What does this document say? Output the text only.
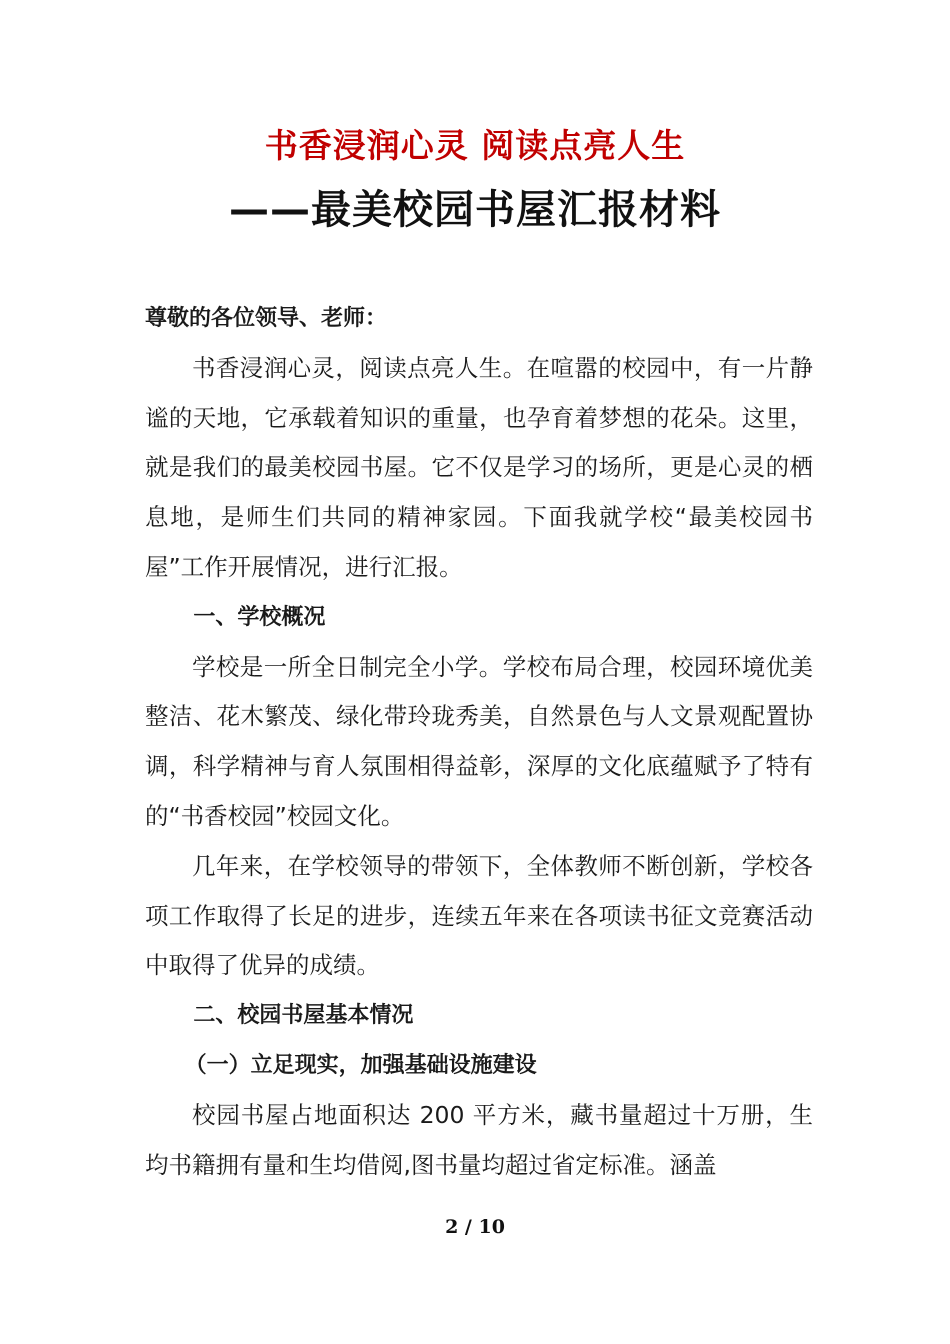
书香浸润心灵 阅读点亮人生
——最美校园书屋汇报材料

尊敬的各位领导、老师：

书香浸润心灵，阅读点亮人生。在喧嚣的校园中，有一片静谧的天地，它承载着知识的重量，也孕育着梦想的花朵。这里，就是我们的最美校园书屋。它不仅是学习的场所，更是心灵的栖息地，是师生们共同的精神家园。下面我就学校“最美校园书屋”工作开展情况，进行汇报。

一、学校概况

学校是一所全日制完全小学。学校布局合理，校园环境优美整洁、花木繁茂、绿化带玲珑秀美，自然景色与人文景观配置协调，科学精神与育人氛围相得益彰，深厚的文化底蕴赋予了特有的“书香校园”校园文化。

几年来，在学校领导的带领下，全体教师不断创新，学校各项工作取得了长足的进步，连续五年来在各项读书征文竞赛活动中取得了优异的成绩。

二、校园书屋基本情况

（一）立足现实，加强基础设施建设

校园书屋占地面积达 200 平方米，藏书量超过十万册，生均书籍拥有量和生均借阅,图书量均超过省定标准。涵盖

2 / 10
